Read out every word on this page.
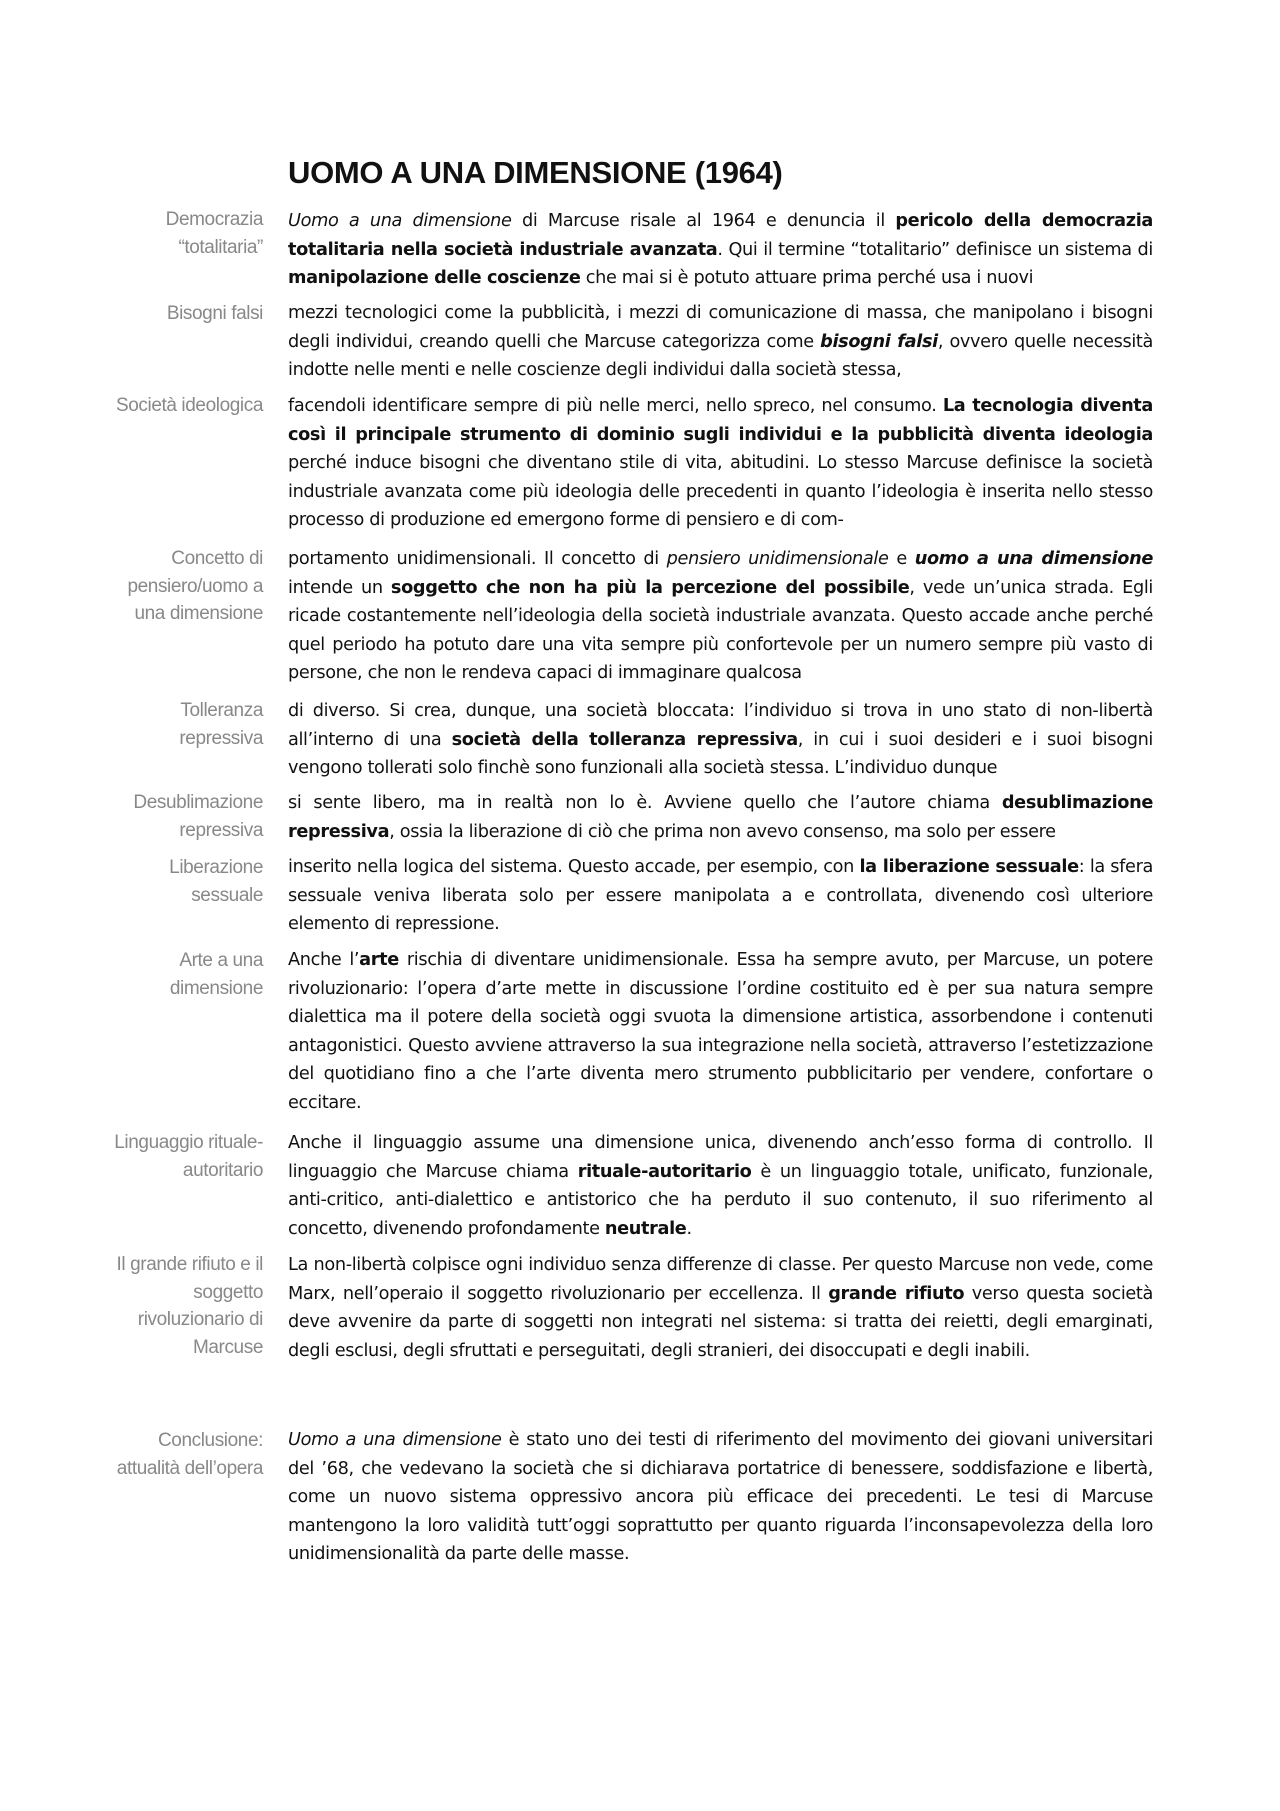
UOMO A UNA DIMENSIONE (1964)
Democrazia “totalitaria”
Bisogni falsi
Società ideologica
Concetto di pensiero/uomo a una dimensione
Tolleranza repressiva
Desublimazione repressiva
Liberazione sessuale
Arte a una dimensione
Linguaggio rituale-autoritario
Il grande rifiuto e il soggetto rivoluzionario di Marcuse
Conclusione: attualità dell’opera
Uomo a una dimensione di Marcuse risale al 1964 e denuncia il pericolo della democrazia totalitaria nella società industriale avanzata. Qui il termine “totalitario” definisce un sistema di manipolazione delle coscienze che mai si è potuto attuare prima perché usa i nuovi
mezzi tecnologici come la pubblicità, i mezzi di comunicazione di massa, che manipolano i bisogni degli individui, creando quelli che Marcuse categorizza come bisogni falsi, ovvero quelle necessità indotte nelle menti e nelle coscienze degli individui dalla società stessa,
facendoli identificare sempre di più nelle merci, nello spreco, nel consumo. La tecnologia diventa così il principale strumento di dominio sugli individui e la pubblicità diventa ideologia perché induce bisogni che diventano stile di vita, abitudini. Lo stesso Marcuse definisce la società industriale avanzata come più ideologia delle precedenti in quanto l’ideologia è inserita nello stesso processo di produzione ed emergono forme di pensiero e di com-
portamento unidimensionali. Il concetto di pensiero unidimensionale e uomo a una dimensione intende un soggetto che non ha più la percezione del possibile, vede un’unica strada. Egli ricade costantemente nell’ideologia della società industriale avanzata. Questo accade anche perché quel periodo ha potuto dare una vita sempre più confortevole per un numero sempre più vasto di persone, che non le rendeva capaci di immaginare qualcosa
di diverso. Si crea, dunque, una società bloccata: l’individuo si trova in uno stato di non-libertà all’interno di una società della tolleranza repressiva, in cui i suoi desideri e i suoi bisogni vengono tollerati solo finchè sono funzionali alla società stessa. L’individuo dunque
si sente libero, ma in realtà non lo è. Avviene quello che l’autore chiama desublimazione repressiva, ossia la liberazione di ciò che prima non avevo consenso, ma solo per essere
inserito nella logica del sistema. Questo accade, per esempio, con la liberazione sessuale: la sfera sessuale veniva liberata solo per essere manipolata a e controllata, divenendo così ulteriore elemento di repressione.
Anche l’arte rischia di diventare unidimensionale. Essa ha sempre avuto, per Marcuse, un potere rivoluzionario: l’opera d’arte mette in discussione l’ordine costituito ed è per sua natura sempre dialettica ma il potere della società oggi svuota la dimensione artistica, assorbendone i contenuti antagonistici. Questo avviene attraverso la sua integrazione nella società, attraverso l’estetizzazione del quotidiano fino a che l’arte diventa mero strumento pubblicitario per vendere, confortare o eccitare.
Anche il linguaggio assume una dimensione unica, divenendo anch’esso forma di controllo. Il linguaggio che Marcuse chiama rituale-autoritario è un linguaggio totale, unificato, funzionale, anti-critico, anti-dialettico e antistorico che ha perduto il suo contenuto, il suo riferimento al concetto, divenendo profondamente neutrale.
La non-libertà colpisce ogni individuo senza differenze di classe. Per questo Marcuse non vede, come Marx, nell’operaio il soggetto rivoluzionario per eccellenza. Il grande rifiuto verso questa società deve avvenire da parte di soggetti non integrati nel sistema: si tratta dei reietti, degli emarginati, degli esclusi, degli sfruttati e perseguitati, degli stranieri, dei disoccupati e degli inabili.
Uomo a una dimensione è stato uno dei testi di riferimento del movimento dei giovani universitari del ’68, che vedevano la società che si dichiarava portatrice di benessere, soddisfazione e libertà, come un nuovo sistema oppressivo ancora più efficace dei precedenti. Le tesi di Marcuse mantengono la loro validità tutt’oggi soprattutto per quanto riguarda l’inconsapevolezza della loro unidimensionalità da parte delle masse.
